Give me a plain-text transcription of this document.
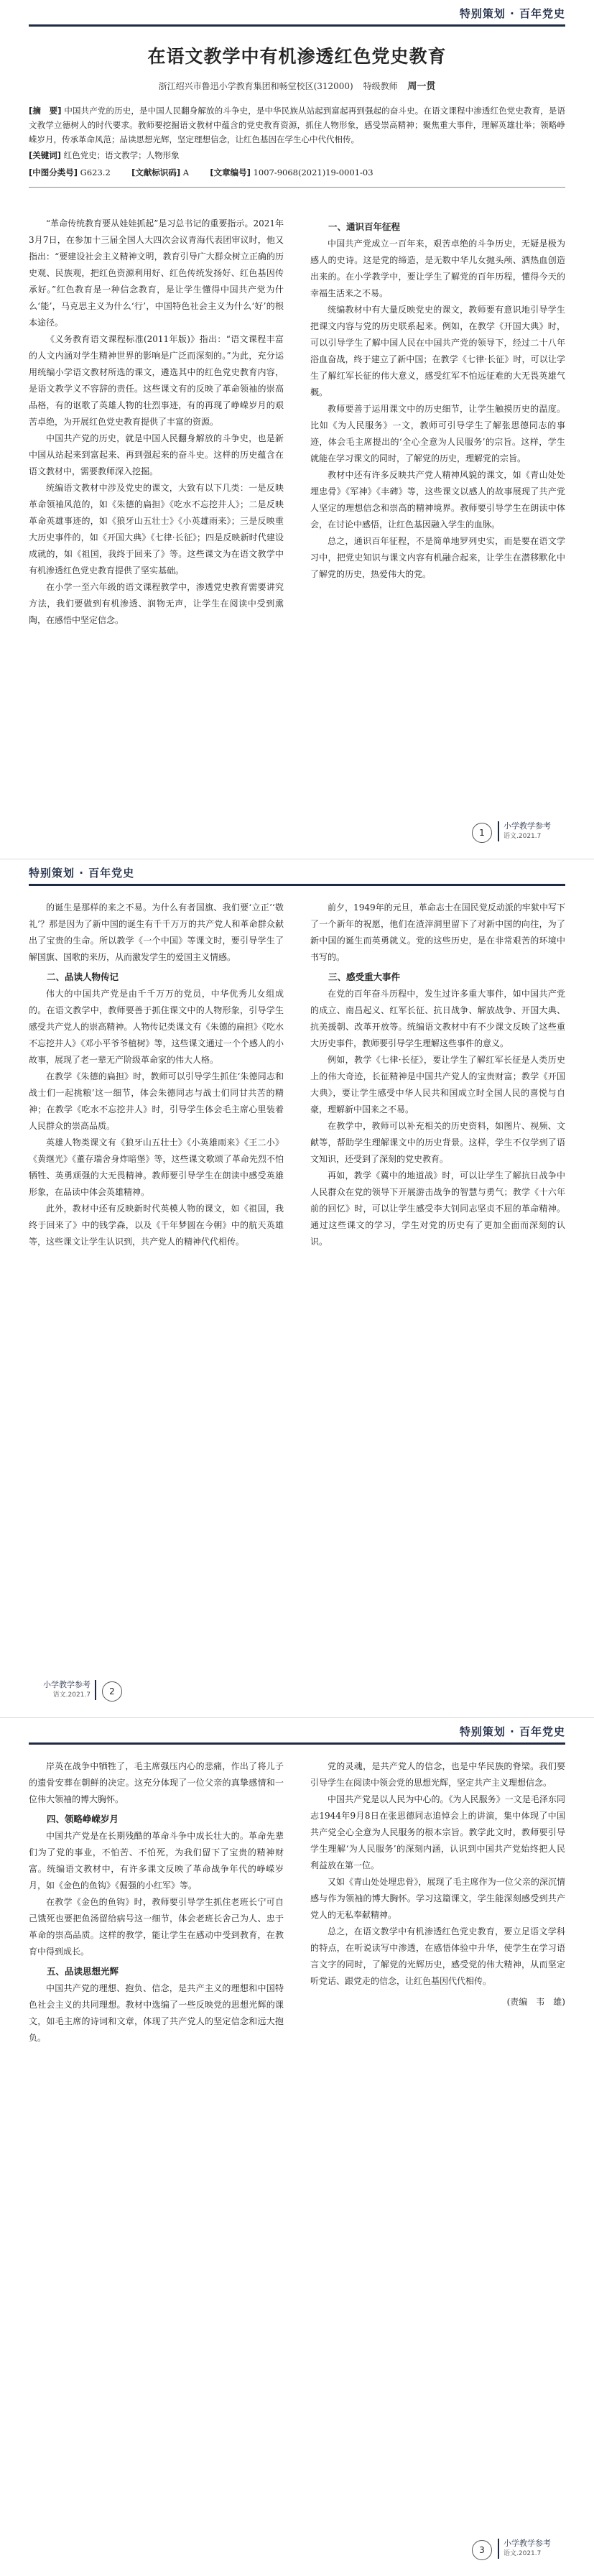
特别策划 · 百年党史
在语文教学中有机渗透红色党史教育
浙江绍兴市鲁迅小学教育集团和畅堂校区(312000) 特级教师 周一贯
[摘　要] 中国共产党的历史，是中国人民翻身解放的斗争史，是中华民族从站起到富起再到强起的奋斗史。在语文课程中渗透红色党史教育，是语文教学立德树人的时代要求。教师要挖掘语文教材中蕴含的党史教育资源，抓住人物形象，感受崇高精神；聚焦重大事件，理解英雄壮举；领略峥嵘岁月，传承革命风范；品读思想光辉，坚定理想信念，让红色基因在学生心中代代相传。
[关键词] 红色党史；语文教学；人物形象
[中图分类号] G623.2	[文献标识码] A	[文章编号] 1007-9068(2021)19-0001-03

“革命传统教育要从娃娃抓起”是习总书记的重要指示。2021年3月7日，在参加十三届全国人大四次会议青海代表团审议时，他又指出：“要建设社会主义精神文明，教育引导广大群众树立正确的历史观、民族观，把红色资源利用好、红色传统发扬好、红色基因传承好。”红色教育是一种信念教育，是让学生懂得中国共产党为什么‘能’，马克思主义为什么‘行’，中国特色社会主义为什么‘好’的根本途径。

《义务教育语文课程标准(2011年版)》指出：“语文课程丰富的人文内涵对学生精神世界的影响是广泛而深刻的。”为此，充分运用统编小学语文教材所选的课文，遴选其中的红色党史教育内容，是语文教学义不容辞的责任。这些课文有的反映了革命领袖的崇高品格，有的讴歌了英雄人物的壮烈事迹，有的再现了峥嵘岁月的艰苦卓绝，为开展红色党史教育提供了丰富的资源。

中国共产党的历史，就是中国人民翻身解放的斗争史，也是新中国从站起来到富起来、再到强起来的奋斗史。这样的历史蕴含在语文教材中，需要教师深入挖掘。

统编语文教材中涉及党史的课文，大致有以下几类：一是反映革命领袖风范的，如《朱德的扁担》《吃水不忘挖井人》；二是反映革命英雄事迹的，如《狼牙山五壮士》《小英雄雨来》；三是反映重大历史事件的，如《开国大典》《七律·长征》；四是反映新时代建设成就的，如《祖国，我终于回来了》等。这些课文为在语文教学中有机渗透红色党史教育提供了坚实基础。

在小学一至六年级的语文课程教学中，渗透党史教育需要讲究方法，我们要做到有机渗透、润物无声，让学生在阅读中受到熏陶，在感悟中坚定信念。

一、通识百年征程

中国共产党成立一百年来，艰苦卓绝的斗争历史，无疑是极为感人的史诗。这是党的缔造，是无数中华儿女抛头颅、洒热血创造出来的。在小学教学中，要让学生了解党的百年历程，懂得今天的幸福生活来之不易。

统编教材中有大量反映党史的课文，教师要有意识地引导学生把课文内容与党的历史联系起来。例如，在教学《开国大典》时，可以引导学生了解中国人民在中国共产党的领导下，经过二十八年浴血奋战，终于建立了新中国；在教学《七律·长征》时，可以让学生了解红军长征的伟大意义，感受红军不怕远征难的大无畏英雄气概。

教师要善于运用课文中的历史细节，让学生触摸历史的温度。比如《为人民服务》一文，教师可引导学生了解张思德同志的事迹，体会毛主席提出的‘全心全意为人民服务’的宗旨。这样，学生就能在学习课文的同时，了解党的历史，理解党的宗旨。

教材中还有许多反映共产党人精神风貌的课文，如《青山处处埋忠骨》《军神》《丰碑》等，这些课文以感人的故事展现了共产党人坚定的理想信念和崇高的精神境界。教师要引导学生在朗读中体会，在讨论中感悟，让红色基因融入学生的血脉。

总之，通识百年征程，不是简单地罗列史实，而是要在语文学习中，把党史知识与课文内容有机融合起来，让学生在潜移默化中了解党的历史，热爱伟大的党。

1
小学教学参考
语文.2021.7
特别策划 · 百年党史

的诞生是那样的来之不易。为什么有者国旗、我们要‘立正’‘敬礼’？那是因为了新中国的诞生有千千万万的共产党人和革命群众献出了宝贵的生命。所以教学《一个中国》等课文时，要引导学生了解国旗、国歌的来历，从而激发学生的爱国主义情感。

二、品读人物传记

伟大的中国共产党是由千千万万的党员，中华优秀儿女组成的。在语文教学中，教师要善于抓住课文中的人物形象，引导学生感受共产党人的崇高精神。人物传记类课文有《朱德的扁担》《吃水不忘挖井人》《邓小平爷爷植树》等，这些课文通过一个个感人的小故事，展现了老一辈无产阶级革命家的伟大人格。

在教学《朱德的扁担》时，教师可以引导学生抓住‘朱德同志和战士们一起挑粮’这一细节，体会朱德同志与战士们同甘共苦的精神；在教学《吃水不忘挖井人》时，引导学生体会毛主席心里装着人民群众的崇高品质。

英雄人物类课文有《狼牙山五壮士》《小英雄雨来》《王二小》《黄继光》《董存瑞舍身炸暗堡》等，这些课文歌颂了革命先烈不怕牺牲、英勇顽强的大无畏精神。教师要引导学生在朗读中感受英雄形象，在品读中体会英雄精神。

此外，教材中还有反映新时代英模人物的课文，如《祖国，我终于回来了》中的钱学森，以及《千年梦圆在今朝》中的航天英雄等，这些课文让学生认识到，共产党人的精神代代相传。

前夕，1949年的元旦，革命志士在国民党反动派的牢狱中写下了一个新年的祝愿，他们在渣滓洞里留下了对新中国的向往，为了新中国的诞生而英勇就义。党的这些历史，是在非常艰苦的环境中书写的。

三、感受重大事件

在党的百年奋斗历程中，发生过许多重大事件，如中国共产党的成立、南昌起义、红军长征、抗日战争、解放战争、开国大典、抗美援朝、改革开放等。统编语文教材中有不少课文反映了这些重大历史事件，教师要引导学生理解这些事件的意义。

例如，教学《七律·长征》，要让学生了解红军长征是人类历史上的伟大奇迹，长征精神是中国共产党人的宝贵财富；教学《开国大典》，要让学生感受中华人民共和国成立时全国人民的喜悦与自豪，理解新中国来之不易。

在教学中，教师可以补充相关的历史资料，如图片、视频、文献等，帮助学生理解课文中的历史背景。这样，学生不仅学到了语文知识，还受到了深刻的党史教育。

再如，教学《冀中的地道战》时，可以让学生了解抗日战争中人民群众在党的领导下开展游击战争的智慧与勇气；教学《十六年前的回忆》时，可以让学生感受李大钊同志坚贞不屈的革命精神。通过这些课文的学习，学生对党的历史有了更加全面而深刻的认识。

2
小学教学参考
语文.2021.7
特别策划 · 百年党史

岸英在战争中牺牲了，毛主席强压内心的悲痛，作出了将儿子的遗骨安葬在朝鲜的决定。这充分体现了一位父亲的真挚感情和一位伟大领袖的博大胸怀。

四、领略峥嵘岁月

中国共产党是在长期残酷的革命斗争中成长壮大的。革命先辈们为了党的事业，不怕苦、不怕死，为我们留下了宝贵的精神财富。统编语文教材中，有许多课文反映了革命战争年代的峥嵘岁月，如《金色的鱼钩》《倔强的小红军》等。

在教学《金色的鱼钩》时，教师要引导学生抓住老班长宁可自己饿死也要把鱼汤留给病号这一细节，体会老班长舍己为人、忠于革命的崇高品质。这样的教学，能让学生在感动中受到教育，在教育中得到成长。

五、品读思想光辉

中国共产党的理想、抱负、信念，是共产主义的理想和中国特色社会主义的共同理想。教材中选编了一些反映党的思想光辉的课文，如毛主席的诗词和文章，体现了共产党人的坚定信念和远大抱负。

党的灵魂，是共产党人的信念，也是中华民族的脊梁。我们要引导学生在阅读中领会党的思想光辉，坚定共产主义理想信念。

中国共产党是以人民为中心的。《为人民服务》一文是毛泽东同志1944年9月8日在张思德同志追悼会上的讲演，集中体现了中国共产党全心全意为人民服务的根本宗旨。教学此文时，教师要引导学生理解‘为人民服务’的深刻内涵，认识到中国共产党始终把人民利益放在第一位。

又如《青山处处埋忠骨》，展现了毛主席作为一位父亲的深沉情感与作为领袖的博大胸怀。学习这篇课文，学生能深刻感受到共产党人的无私奉献精神。

总之，在语文教学中有机渗透红色党史教育，要立足语文学科的特点，在听说读写中渗透，在感悟体验中升华，使学生在学习语言文字的同时，了解党的光辉历史，感受党的伟大精神，从而坚定听党话、跟党走的信念，让红色基因代代相传。

(责编　韦　雄)
3
小学教学参考
语文.2021.7
